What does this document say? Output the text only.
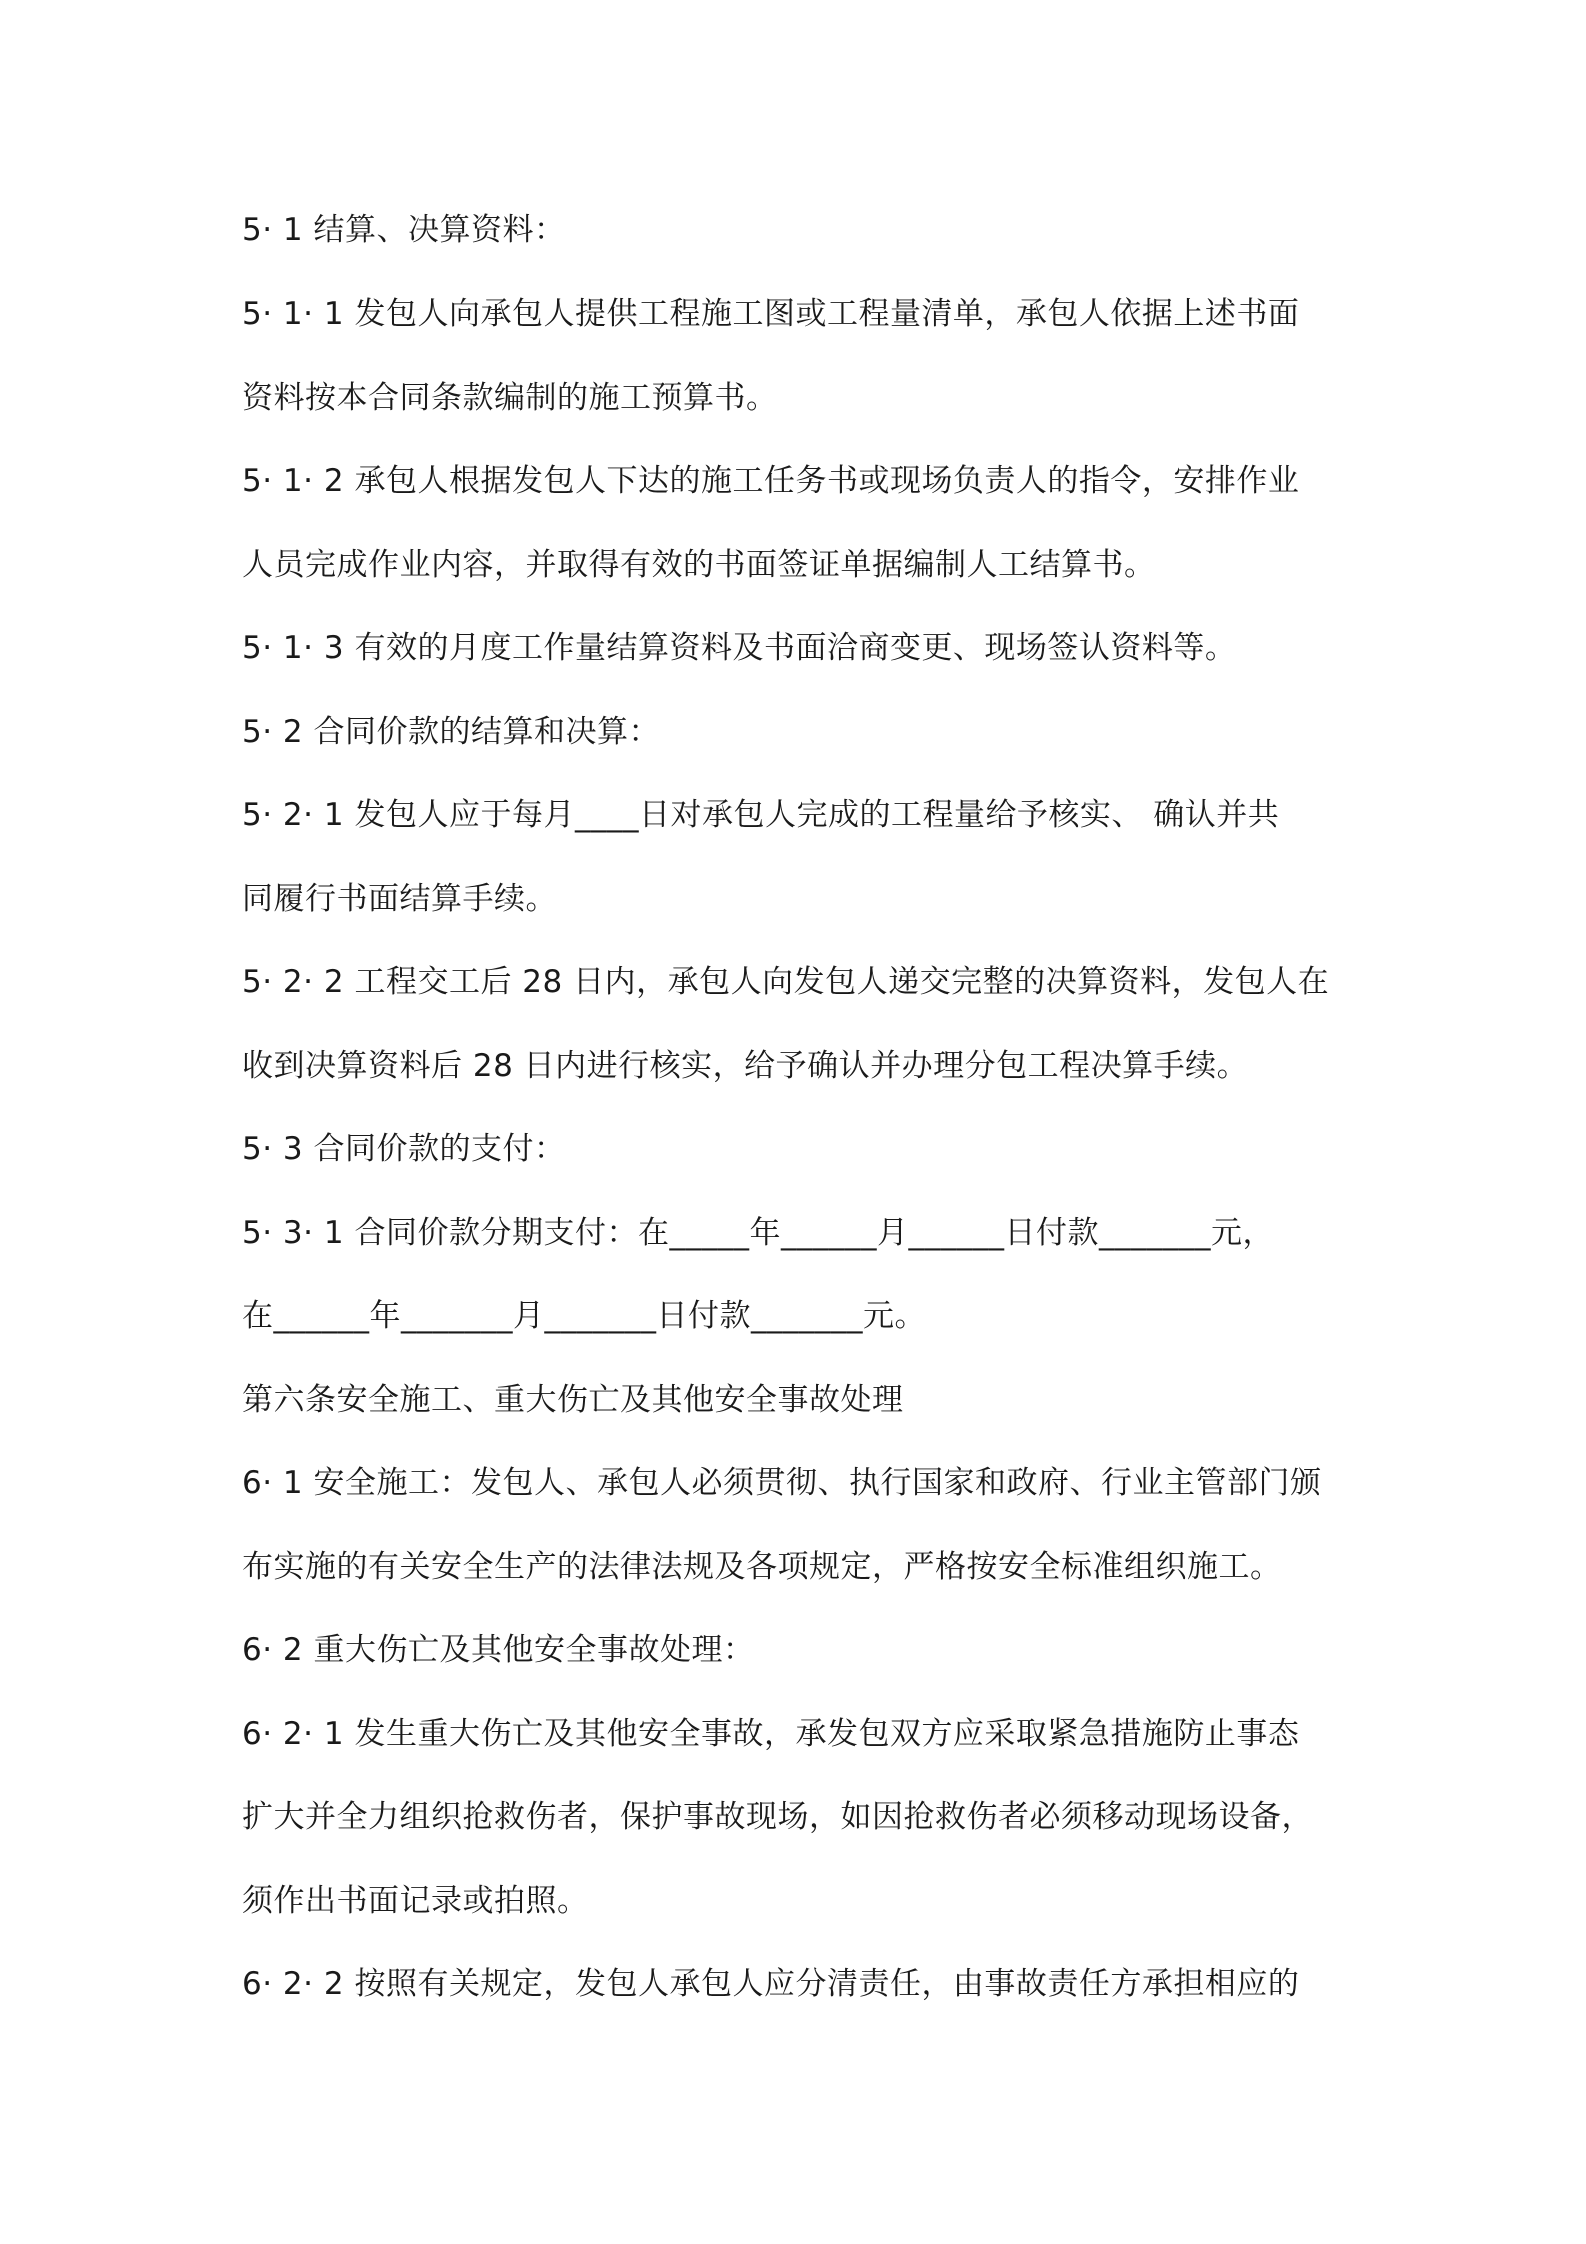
5· 1 结算、决算资料：
5· 1· 1 发包人向承包人提供工程施工图或工程量清单，承包人依据上述书面
资料按本合同条款编制的施工预算书。
5· 1· 2 承包人根据发包人下达的施工任务书或现场负责人的指令，安排作业
人员完成作业内容，并取得有效的书面签证单据编制人工结算书。
5· 1· 3 有效的月度工作量结算资料及书面洽商变更、现场签认资料等。
5· 2 合同价款的结算和决算：
5· 2· 1 发包人应于每月____日对承包人完成的工程量给予核实、 确认并共
同履行书面结算手续。
5· 2· 2 工程交工后 28 日内，承包人向发包人递交完整的决算资料，发包人在
收到决算资料后 28 日内进行核实，给予确认并办理分包工程决算手续。
5· 3 合同价款的支付：
5· 3· 1 合同价款分期支付：在_____年______月______日付款_______元，
在______年_______月_______日付款_______元。
第六条安全施工、重大伤亡及其他安全事故处理
6· 1 安全施工：发包人、承包人必须贯彻、执行国家和政府、行业主管部门颁
布实施的有关安全生产的法律法规及各项规定，严格按安全标准组织施工。
6· 2 重大伤亡及其他安全事故处理：
6· 2· 1 发生重大伤亡及其他安全事故，承发包双方应采取紧急措施防止事态
扩大并全力组织抢救伤者，保护事故现场，如因抢救伤者必须移动现场设备，
须作出书面记录或拍照。
6· 2· 2 按照有关规定，发包人承包人应分清责任，由事故责任方承担相应的
